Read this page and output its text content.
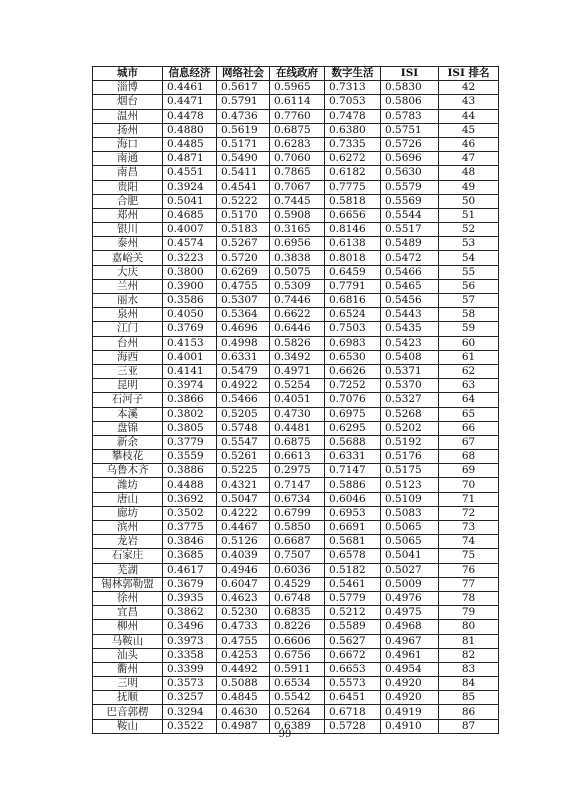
城市	信息经济	网络社会	在线政府	数字生活	ISI	ISI 排名
淄博	0.4461	0.5617	0.5965	0.7313	0.5830	42
烟台	0.4471	0.5791	0.6114	0.7053	0.5806	43
温州	0.4478	0.4736	0.7760	0.7478	0.5783	44
扬州	0.4880	0.5619	0.6875	0.6380	0.5751	45
海口	0.4485	0.5171	0.6283	0.7335	0.5726	46
南通	0.4871	0.5490	0.7060	0.6272	0.5696	47
南昌	0.4551	0.5411	0.7865	0.6182	0.5630	48
贵阳	0.3924	0.4541	0.7067	0.7775	0.5579	49
合肥	0.5041	0.5222	0.7445	0.5818	0.5569	50
郑州	0.4685	0.5170	0.5908	0.6656	0.5544	51
银川	0.4007	0.5183	0.3165	0.8146	0.5517	52
泰州	0.4574	0.5267	0.6956	0.6138	0.5489	53
嘉峪关	0.3223	0.5720	0.3838	0.8018	0.5472	54
大庆	0.3800	0.6269	0.5075	0.6459	0.5466	55
兰州	0.3900	0.4755	0.5309	0.7791	0.5465	56
丽水	0.3586	0.5307	0.7446	0.6816	0.5456	57
泉州	0.4050	0.5364	0.6622	0.6524	0.5443	58
江门	0.3769	0.4696	0.6446	0.7503	0.5435	59
台州	0.4153	0.4998	0.5826	0.6983	0.5423	60
海西	0.4001	0.6331	0.3492	0.6530	0.5408	61
三亚	0.4141	0.5479	0.4971	0.6626	0.5371	62
昆明	0.3974	0.4922	0.5254	0.7252	0.5370	63
石河子	0.3866	0.5466	0.4051	0.7076	0.5327	64
本溪	0.3802	0.5205	0.4730	0.6975	0.5268	65
盘锦	0.3805	0.5748	0.4481	0.6295	0.5202	66
新余	0.3779	0.5547	0.6875	0.5688	0.5192	67
攀枝花	0.3559	0.5261	0.6613	0.6331	0.5176	68
乌鲁木齐	0.3886	0.5225	0.2975	0.7147	0.5175	69
潍坊	0.4488	0.4321	0.7147	0.5886	0.5123	70
唐山	0.3692	0.5047	0.6734	0.6046	0.5109	71
廊坊	0.3502	0.4222	0.6799	0.6953	0.5083	72
滨州	0.3775	0.4467	0.5850	0.6691	0.5065	73
龙岩	0.3846	0.5126	0.6687	0.5681	0.5065	74
石家庄	0.3685	0.4039	0.7507	0.6578	0.5041	75
芜湖	0.4617	0.4946	0.6036	0.5182	0.5027	76
锡林郭勒盟	0.3679	0.6047	0.4529	0.5461	0.5009	77
徐州	0.3935	0.4623	0.6748	0.5779	0.4976	78
宜昌	0.3862	0.5230	0.6835	0.5212	0.4975	79
柳州	0.3496	0.4733	0.8226	0.5589	0.4968	80
马鞍山	0.3973	0.4755	0.6606	0.5627	0.4967	81
汕头	0.3358	0.4253	0.6756	0.6672	0.4961	82
衢州	0.3399	0.4492	0.5911	0.6653	0.4954	83
三明	0.3573	0.5088	0.6534	0.5573	0.4920	84
抚顺	0.3257	0.4845	0.5542	0.6451	0.4920	85
巴音郭楞	0.3294	0.4630	0.5264	0.6718	0.4919	86
鞍山	0.3522	0.4987	0.6389	0.5728	0.4910	87
99
